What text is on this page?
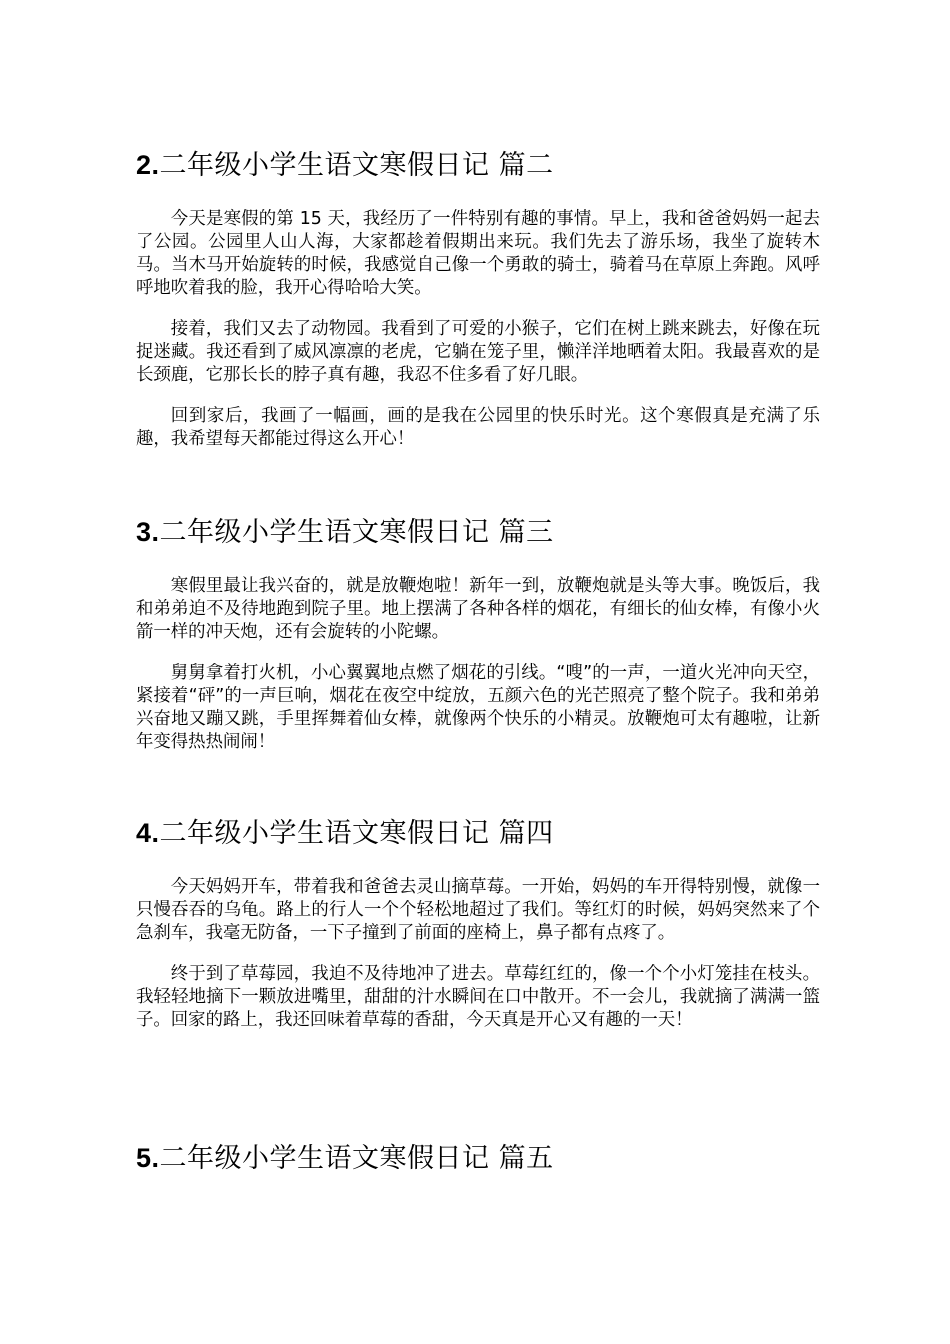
2.二年级小学生语文寒假日记 篇二

今天是寒假的第 15 天，我经历了一件特别有趣的事情。早上，我和爸爸妈妈一起去了公园。公园里人山人海，大家都趁着假期出来玩。我们先去了游乐场，我坐了旋转木马。当木马开始旋转的时候，我感觉自己像一个勇敢的骑士，骑着马在草原上奔跑。风呼呼地吹着我的脸，我开心得哈哈大笑。

接着，我们又去了动物园。我看到了可爱的小猴子，它们在树上跳来跳去，好像在玩捉迷藏。我还看到了威风凛凛的老虎，它躺在笼子里，懒洋洋地晒着太阳。我最喜欢的是长颈鹿，它那长长的脖子真有趣，我忍不住多看了好几眼。

回到家后，我画了一幅画，画的是我在公园里的快乐时光。这个寒假真是充满了乐趣，我希望每天都能过得这么开心！

3.二年级小学生语文寒假日记 篇三

寒假里最让我兴奋的，就是放鞭炮啦！新年一到，放鞭炮就是头等大事。晚饭后，我和弟弟迫不及待地跑到院子里。地上摆满了各种各样的烟花，有细长的仙女棒，有像小火箭一样的冲天炮，还有会旋转的小陀螺。

舅舅拿着打火机，小心翼翼地点燃了烟花的引线。“嗖”的一声，一道火光冲向天空，紧接着“砰”的一声巨响，烟花在夜空中绽放，五颜六色的光芒照亮了整个院子。我和弟弟兴奋地又蹦又跳，手里挥舞着仙女棒，就像两个快乐的小精灵。放鞭炮可太有趣啦，让新年变得热热闹闹！

4.二年级小学生语文寒假日记 篇四

今天妈妈开车，带着我和爸爸去灵山摘草莓。一开始，妈妈的车开得特别慢，就像一只慢吞吞的乌龟。路上的行人一个个轻松地超过了我们。等红灯的时候，妈妈突然来了个急刹车，我毫无防备，一下子撞到了前面的座椅上，鼻子都有点疼了。

终于到了草莓园，我迫不及待地冲了进去。草莓红红的，像一个个小灯笼挂在枝头。我轻轻地摘下一颗放进嘴里，甜甜的汁水瞬间在口中散开。不一会儿，我就摘了满满一篮子。回家的路上，我还回味着草莓的香甜，今天真是开心又有趣的一天！

5.二年级小学生语文寒假日记 篇五
